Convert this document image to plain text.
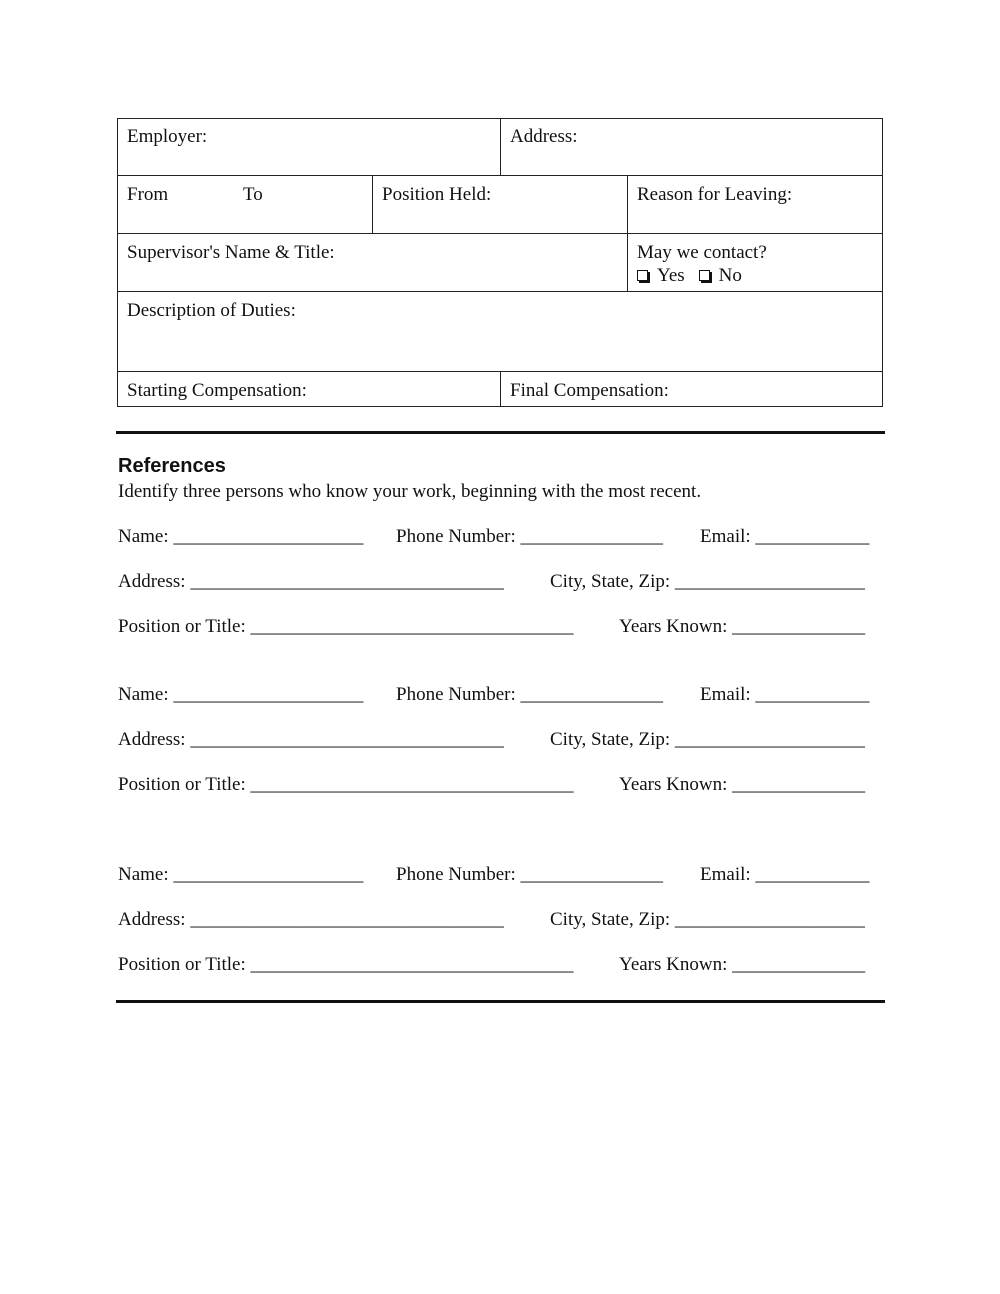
Employer:	Address:
From	To	Position Held:	Reason for Leaving:
Supervisor's Name & Title:	May we contact?
Yes No
Description of Duties:
Starting Compensation:	Final Compensation:
References
Identify three persons who know your work, beginning with the most recent.
Name: ____________________ Phone Number: _______________ Email: ____________
Address: _________________________________ City, State, Zip: ____________________
Position or Title: __________________________________ Years Known: ______________
Name: ____________________ Phone Number: _______________ Email: ____________
Address: _________________________________ City, State, Zip: ____________________
Position or Title: __________________________________ Years Known: ______________
Name: ____________________ Phone Number: _______________ Email: ____________
Address: _________________________________ City, State, Zip: ____________________
Position or Title: __________________________________ Years Known: ______________
